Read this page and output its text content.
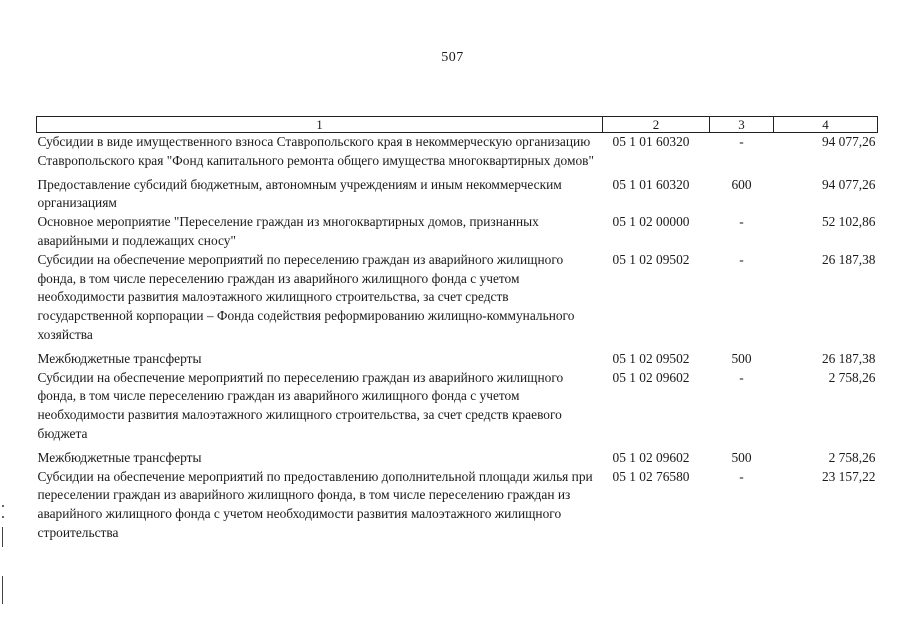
507
1	2	3	4
Субсидии в виде имущественного взноса Ставропольского края в некоммерческую организацию Ставропольского края "Фонд капитального ремонта общего имущества многоквартирных домов"	05 1 01 60320	-	94 077,26
Предоставление субсидий бюджетным, автономным учреждениям и иным некоммерческим организациям	05 1 01 60320	600	94 077,26
Основное мероприятие "Переселение граждан из многоквартирных домов, признанных аварийными и подлежащих сносу"	05 1 02 00000	-	52 102,86
Субсидии на обеспечение мероприятий по переселению граждан из аварийного жилищного фонда, в том числе переселению граждан из аварийного жилищного фонда с учетом необходимости развития малоэтажного жилищного строительства, за счет средств государственной корпорации – Фонда содействия реформированию жилищно-коммунального хозяйства	05 1 02 09502	-	26 187,38
Межбюджетные трансферты	05 1 02 09502	500	26 187,38
Субсидии на обеспечение мероприятий по переселению граждан из аварийного жилищного фонда, в том числе переселению граждан из аварийного жилищного фонда с учетом необходимости развития малоэтажного жилищного строительства, за счет средств краевого бюджета	05 1 02 09602	-	2 758,26
Межбюджетные трансферты	05 1 02 09602	500	2 758,26
Субсидии на обеспечение мероприятий по предоставлению дополнительной площади жилья при переселении граждан из аварийного жилищного фонда, в том числе переселению граждан из аварийного жилищного фонда с учетом необходимости развития малоэтажного жилищного строительства	05 1 02 76580	-	23 157,22
